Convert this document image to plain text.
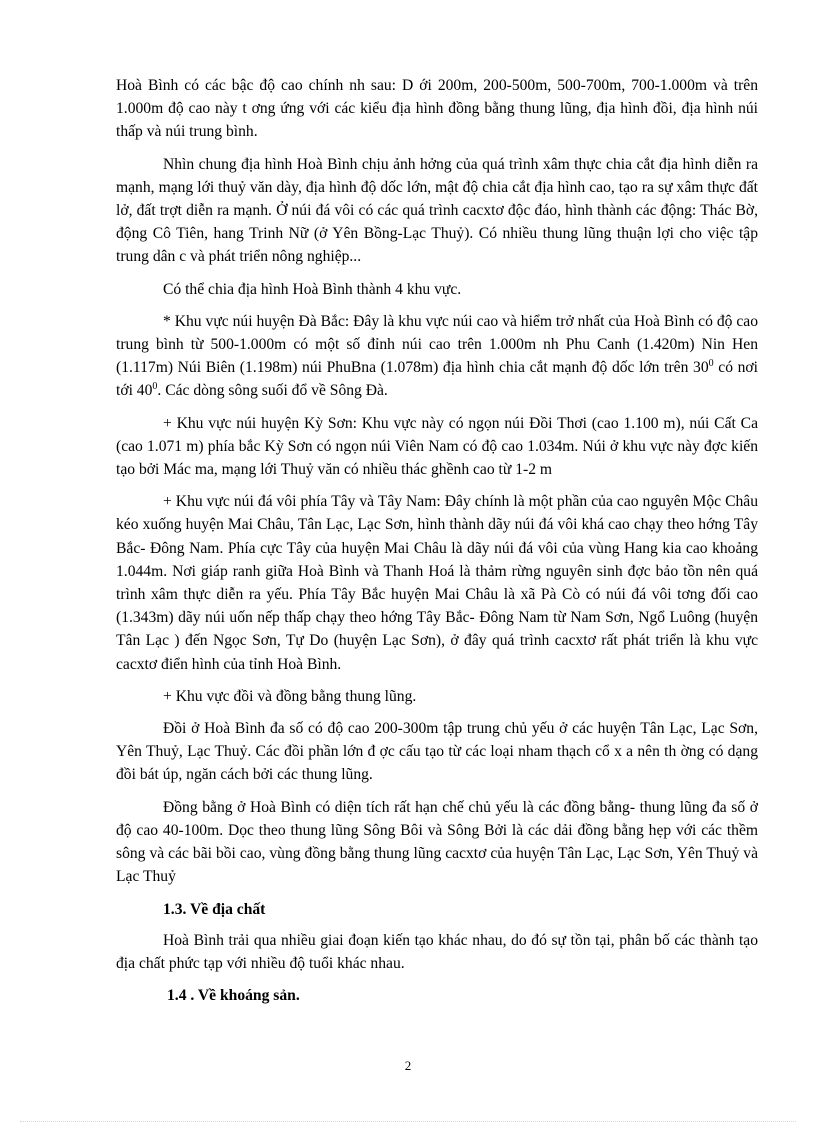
Hoà Bình có các bậc độ cao chính nh sau: D ới 200m, 200-500m, 500-700m, 700-1.000m và trên 1.000m độ cao này t ơng ứng với các kiểu địa hình đồng bằng thung lũng, địa hình đồi, địa hình núi thấp và núi trung bình.

Nhìn chung địa hình Hoà Bình chịu ảnh hởng của quá trình xâm thực chia cắt địa hình diễn ra mạnh, mạng lới thuỷ văn dày, địa hình độ dốc lớn, mật độ chia cắt địa hình cao, tạo ra sự xâm thực đất lở, đất trợt diễn ra mạnh. Ở núi đá vôi có các quá trình cacxtơ độc đáo, hình thành các động: Thác Bờ, động Cô Tiên, hang Trinh Nữ (ở Yên Bồng-Lạc Thuỷ). Có nhiều thung lũng thuận lợi cho việc tập trung dân c và phát triển nông nghiệp...

Có thể chia địa hình Hoà Bình thành 4 khu vực.

* Khu vực núi huyện Đà Bắc: Đây là khu vực núi cao và hiểm trở nhất của Hoà Bình có độ cao trung bình từ 500-1.000m có một số đỉnh núi cao trên 1.000m nh Phu Canh (1.420m) Nin Hen (1.117m) Núi Biên (1.198m) núi PhuBna (1.078m) địa hình chia cắt mạnh độ dốc lớn trên $30^0$ có nơi tới $40^0$. Các dòng sông suối đổ về Sông Đà.

+ Khu vực núi huyện Kỳ Sơn: Khu vực này có ngọn núi Đồi Thơi (cao 1.100 m), núi Cất Ca (cao 1.071 m) phía bắc Kỳ Sơn có ngọn núi Viên Nam có độ cao 1.034m. Núi ở khu vực này đợc kiến tạo bởi Mác ma, mạng lới Thuỷ văn có nhiều thác ghềnh cao từ 1-2 m

+ Khu vực núi đá vôi phía Tây và Tây Nam: Đây chính là một phần của cao nguyên Mộc Châu kéo xuống huyện Mai Châu, Tân Lạc, Lạc Sơn, hình thành dãy núi đá vôi khá cao chạy theo hớng Tây Bắc- Đông Nam. Phía cực Tây của huyện Mai Châu là dãy núi đá vôi của vùng Hang kia cao khoảng 1.044m. Nơi giáp ranh giữa Hoà Bình và Thanh Hoá là thảm rừng nguyên sinh đợc bảo tồn nên quá trình xâm thực diễn ra yếu. Phía Tây Bắc huyện Mai Châu là xã Pà Cò có núi đá vôi tơng đối cao (1.343m) dãy núi uốn nếp thấp chạy theo hớng Tây Bắc- Đông Nam từ Nam Sơn, Ngổ Luông (huyện Tân Lạc ) đến Ngọc Sơn, Tự Do (huyện Lạc Sơn), ở đây quá trình cacxtơ rất phát triển là khu vực cacxtơ điển hình của tỉnh Hoà Bình.

+ Khu vực đồi và đồng bằng thung lũng.

Đồi ở Hoà Bình đa số có độ cao 200-300m tập trung chủ yếu ở các huyện Tân Lạc, Lạc Sơn, Yên Thuỷ, Lạc Thuỷ. Các đồi phần lớn đ ợc cấu tạo từ các loại nham thạch cổ x a nên th ờng có dạng đồi bát úp, ngăn cách bởi các thung lũng.

Đồng bằng ở Hoà Bình có diện tích rất hạn chế chủ yếu là các đồng bằng- thung lũng đa số ở độ cao 40-100m. Dọc theo thung lũng Sông Bôi và Sông Bởi là các dải đồng bằng hẹp với các thềm sông và các bãi bồi cao, vùng đồng bằng thung lũng cacxtơ của huyện Tân Lạc, Lạc Sơn, Yên Thuỷ và Lạc Thuỷ

1.3. Về địa chất

Hoà Bình trải qua nhiều giai đoạn kiến tạo khác nhau, do đó sự tồn tại, phân bố các thành tạo địa chất phức tạp với nhiều độ tuổi khác nhau.

1.4 . Về khoáng sản.
2
